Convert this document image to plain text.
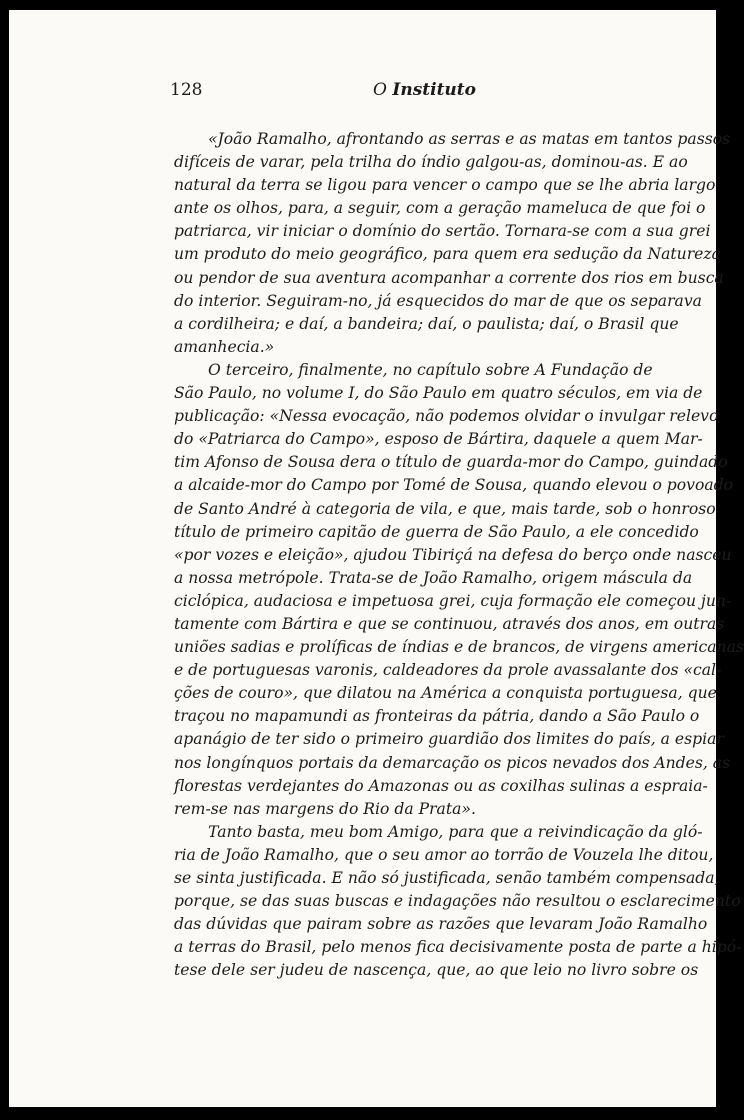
128	O Instituto

«João Ramalho, afrontando as serras e as matas em tantos passos
difíceis de varar, pela trilha do índio galgou-as, dominou-as. E ao
natural da terra se ligou para vencer o campo que se lhe abria largo
ante os olhos, para, a seguir, com a geração mameluca de que foi o
patriarca, vir iniciar o domínio do sertão. Tornara-se com a sua grei
um produto do meio geográfico, para quem era sedução da Natureza
ou pendor de sua aventura acompanhar a corrente dos rios em busca
do interior. Seguiram-no, já esquecidos do mar de que os separava
a cordilheira; e daí, a bandeira; daí, o paulista; daí, o Brasil que
amanhecia.»

O terceiro, finalmente, no capítulo sobre A Fundação de
São Paulo, no volume I, do São Paulo em quatro séculos, em via de
publicação: «Nessa evocação, não podemos olvidar o invulgar relevo
do «Patriarca do Campo», esposo de Bártira, daquele a quem Mar-
tim Afonso de Sousa dera o título de guarda-mor do Campo, guindado
a alcaide-mor do Campo por Tomé de Sousa, quando elevou o povoado
de Santo André à categoria de vila, e que, mais tarde, sob o honroso
título de primeiro capitão de guerra de São Paulo, a ele concedido
«por vozes e eleição», ajudou Tibiriçá na defesa do berço onde nasceu
a nossa metrópole. Trata-se de João Ramalho, origem máscula da
ciclópica, audaciosa e impetuosa grei, cuja formação ele começou jun-
tamente com Bártira e que se continuou, através dos anos, em outras
uniões sadias e prolíficas de índias e de brancos, de virgens americanas
e de portuguesas varonis, caldeadores da prole avassalante dos «cal-
ções de couro», que dilatou na América a conquista portuguesa, que
traçou no mapamundi as fronteiras da pátria, dando a São Paulo o
apanágio de ter sido o primeiro guardião dos limites do país, a espiar
nos longínquos portais da demarcação os picos nevados dos Andes, as
florestas verdejantes do Amazonas ou as coxilhas sulinas a espraia-
rem-se nas margens do Rio da Prata».

Tanto basta, meu bom Amigo, para que a reivindicação da gló-
ria de João Ramalho, que o seu amor ao torrão de Vouzela lhe ditou,
se sinta justificada. E não só justificada, senão também compensada,
porque, se das suas buscas e indagações não resultou o esclarecimento
das dúvidas que pairam sobre as razões que levaram João Ramalho
a terras do Brasil, pelo menos fica decisivamente posta de parte a hipó-
tese dele ser judeu de nascença, que, ao que leio no livro sobre os
